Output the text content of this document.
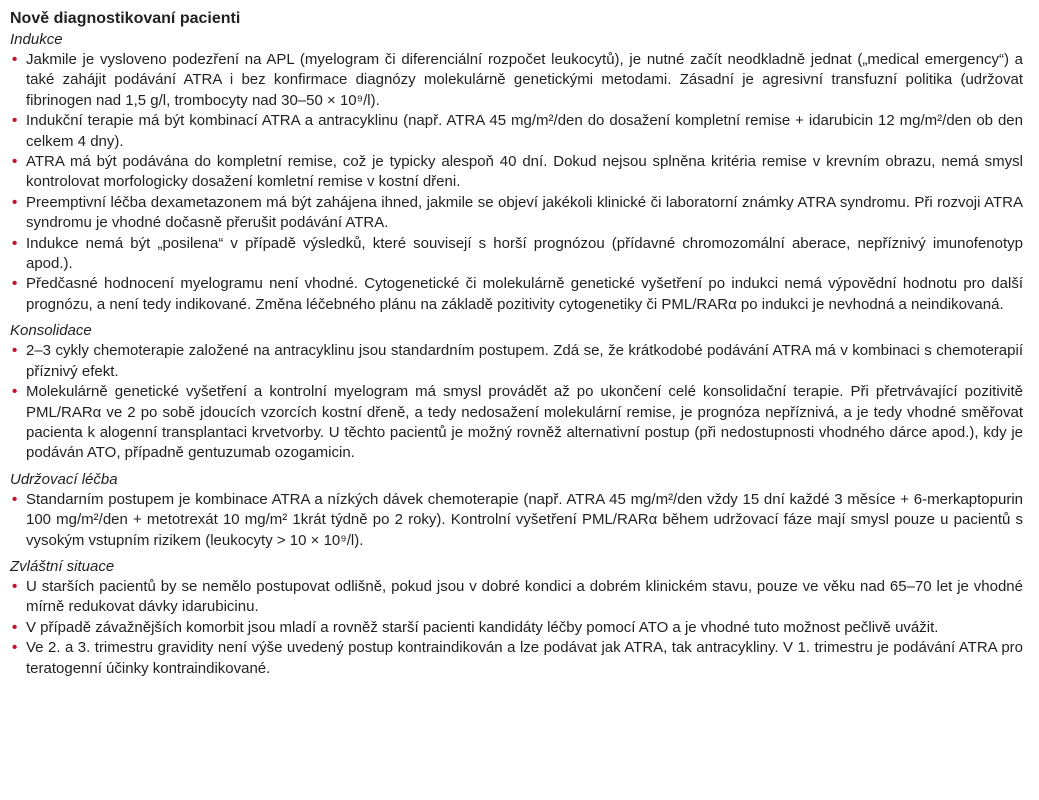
Nově diagnostikovaní pacienti
Indukce
• Jakmile je vysloveno podezření na APL (myelogram či diferenciální rozpočet leukocytů), je nutné začít neodkladně jednat („medical emergency“) a také zahájit podávání ATRA i bez konfirmace diagnózy molekulárně genetickými metodami. Zásadní je agresivní transfuzní politika (udržovat fibrinogen nad 1,5 g/l, trombocyty nad 30–50 × 10⁹/l).
• Indukční terapie má být kombinací ATRA a antracyklinu (např. ATRA 45 mg/m²/den do dosažení kompletní remise + idarubicin 12 mg/m²/den ob den celkem 4 dny).
• ATRA má být podávána do kompletní remise, což je typicky alespoň 40 dní. Dokud nejsou splněna kritéria remise v krevním obrazu, nemá smysl kontrolovat morfologicky dosažení komletní remise v kostní dřeni.
• Preemptivní léčba dexametazonem má být zahájena ihned, jakmile se objeví jakékoli klinické či laboratorní známky ATRA syndromu. Při rozvoji ATRA syndromu je vhodné dočasně přerušit podávání ATRA.
• Indukce nemá být „posilena“ v případě výsledků, které souvisejí s horší prognózou (přídavné chromozomální aberace, nepříznivý imunofenotyp apod.).
• Předčasné hodnocení myelogramu není vhodné. Cytogenetické či molekulárně genetické vyšetření po indukci nemá výpovědní hodnotu pro další prognózu, a není tedy indikované. Změna léčebného plánu na základě pozitivity cytogenetiky či PML/RARα po indukci je nevhodná a neindikovaná.
Konsolidace
• 2–3 cykly chemoterapie založené na antracyklinu jsou standardním postupem. Zdá se, že krátkodobé podávání ATRA má v kombinaci s chemoterapií příznivý efekt.
• Molekulárně genetické vyšetření a kontrolní myelogram má smysl provádět až po ukončení celé konsolidační terapie. Při přetrvávající pozitivitě PML/RARα ve 2 po sobě jdoucích vzorcích kostní dřeně, a tedy nedosažení molekulární remise, je prognóza nepříznivá, a je tedy vhodné směřovat pacienta k alogenní transplantaci krvetvorby. U těchto pacientů je možný rovněž alternativní postup (při nedostupnosti vhodného dárce apod.), kdy je podáván ATO, případně gentuzumab ozogamicin.
Udržovací léčba
• Standarním postupem je kombinace ATRA a nízkých dávek chemoterapie (např. ATRA 45 mg/m²/den vždy 15 dní každé 3 měsíce + 6-merkaptopurin 100 mg/m²/den + metotrexát 10 mg/m² 1krát týdně po 2 roky). Kontrolní vyšetření PML/RARα během udržovací fáze mají smysl pouze u pacientů s vysokým vstupním rizikem (leukocyty > 10 × 10⁹/l).
Zvláštní situace
• U starších pacientů by se nemělo postupovat odlišně, pokud jsou v dobré kondici a dobrém klinickém stavu, pouze ve věku nad 65–70 let je vhodné mírně redukovat dávky idarubicinu.
• V případě závažnějších komorbit jsou mladí a rovněž starší pacienti kandidáty léčby pomocí ATO a je vhodné tuto možnost pečlivě uvážit.
• Ve 2. a 3. trimestru gravidity není výše uvedený postup kontraindikován a lze podávat jak ATRA, tak antracykliny. V 1. trimestru je podávání ATRA pro teratogenní účinky kontraindikované.
